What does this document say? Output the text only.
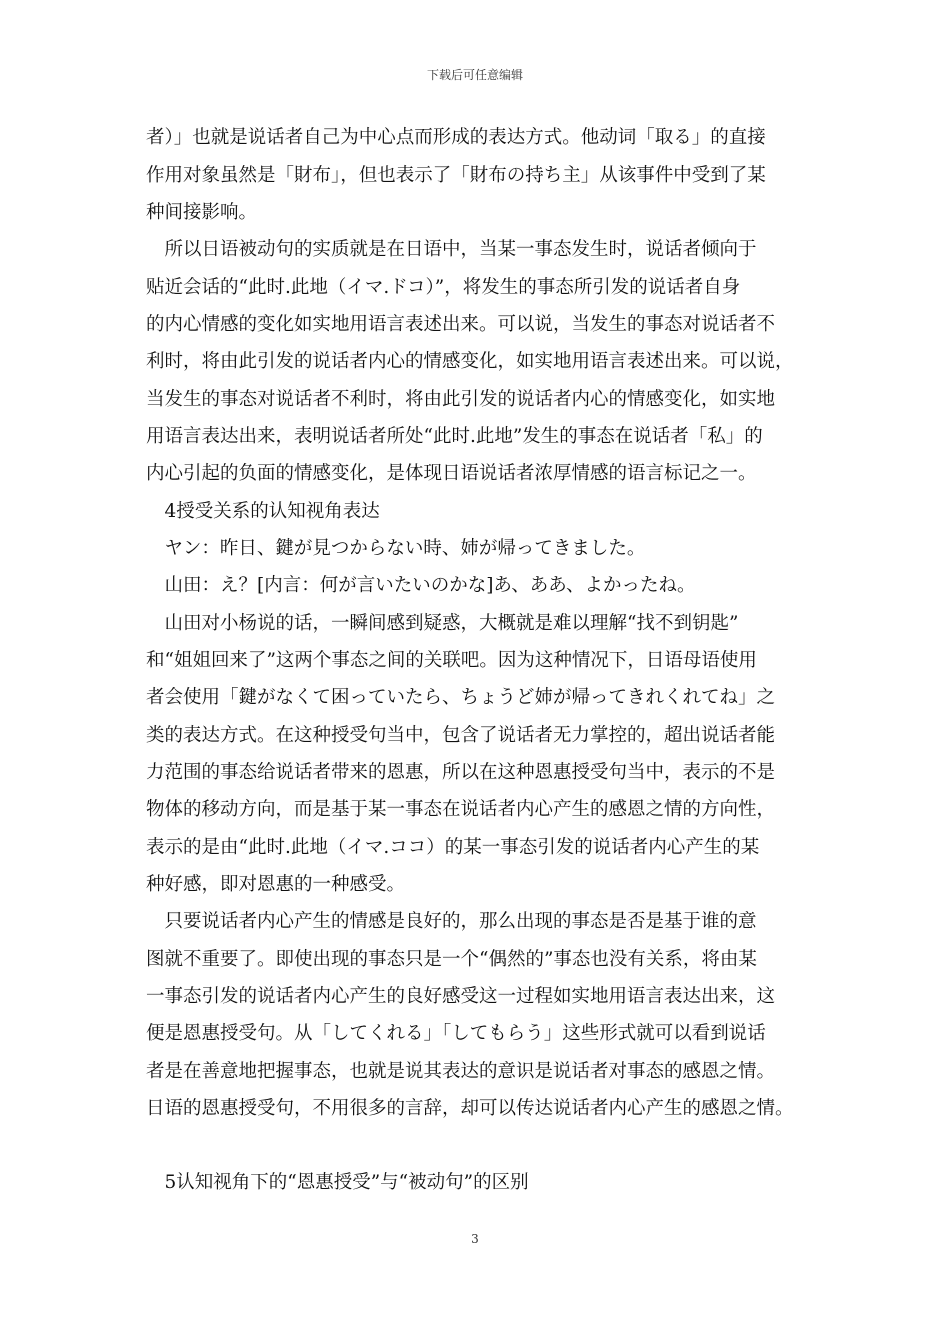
下载后可任意编辑
者）」也就是说话者自己为中心点而形成的表达方式。他动词「取る」的直接
作用对象虽然是「財布」，但也表示了「財布の持ち主」从该事件中受到了某
种间接影响。
　所以日语被动句的实质就是在日语中，当某一事态发生时，说话者倾向于
贴近会话的“此时.此地（イマ.ドコ）”，将发生的事态所引发的说话者自身
的内心情感的变化如实地用语言表述出来。可以说，当发生的事态对说话者不
利时，将由此引发的说话者内心的情感变化，如实地用语言表述出来。可以说，
当发生的事态对说话者不利时，将由此引发的说话者内心的情感变化，如实地
用语言表达出来，表明说话者所处“此时.此地”发生的事态在说话者「私」的
内心引起的负面的情感变化，是体现日语说话者浓厚情感的语言标记之一。
　4授受关系的认知视角表达
　ヤン：昨日、鍵が見つからない時、姉が帰ってきました。
　山田：え？[内言：何が言いたいのかな]あ、ああ、よかったね。
　山田对小杨说的话，一瞬间感到疑惑，大概就是难以理解“找不到钥匙”
和“姐姐回来了”这两个事态之间的关联吧。因为这种情况下，日语母语使用
者会使用「鍵がなくて困っていたら、ちょうど姉が帰ってきれくれてね」之
类的表达方式。在这种授受句当中，包含了说话者无力掌控的，超出说话者能
力范围的事态给说话者带来的恩惠，所以在这种恩惠授受句当中，表示的不是
物体的移动方向，而是基于某一事态在说话者内心产生的感恩之情的方向性，
表示的是由“此时.此地（イマ.ココ）的某一事态引发的说话者内心产生的某
种好感，即对恩惠的一种感受。
　只要说话者内心产生的情感是良好的，那么出现的事态是否是基于谁的意
图就不重要了。即使出现的事态只是一个“偶然的”事态也没有关系，将由某
一事态引发的说话者内心产生的良好感受这一过程如实地用语言表达出来，这
便是恩惠授受句。从「してくれる」「してもらう」这些形式就可以看到说话
者是在善意地把握事态，也就是说其表达的意识是说话者对事态的感恩之情。
日语的恩惠授受句，不用很多的言辞，却可以传达说话者内心产生的感恩之情。
　5认知视角下的“恩惠授受”与“被动句”的区别
3
